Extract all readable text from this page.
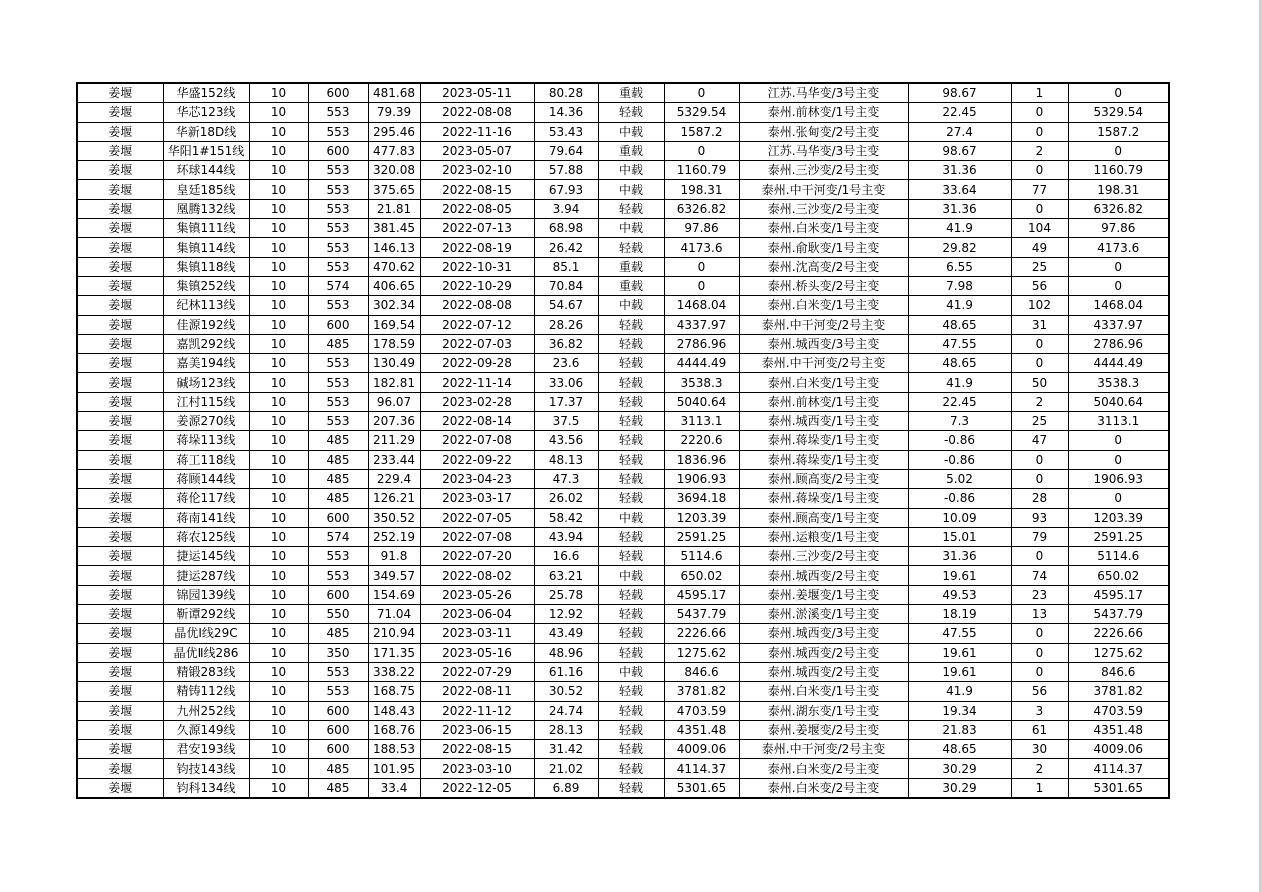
姜堰	华盛152线	10	600	481.68	2023-05-11	80.28	重载	0	江苏.马华变/3号主变	98.67	1	0
姜堰	华芯123线	10	553	79.39	2022-08-08	14.36	轻载	5329.54	泰州.前林变/1号主变	22.45	0	5329.54
姜堰	华新18D线	10	553	295.46	2022-11-16	53.43	中载	1587.2	泰州.张甸变/2号主变	27.4	0	1587.2
姜堰	华阳1#151线	10	600	477.83	2023-05-07	79.64	重载	0	江苏.马华变/3号主变	98.67	2	0
姜堰	环球144线	10	553	320.08	2023-02-10	57.88	中载	1160.79	泰州.三沙变/2号主变	31.36	0	1160.79
姜堰	皇廷185线	10	553	375.65	2022-08-15	67.93	中载	198.31	泰州.中干河变/1号主变	33.64	77	198.31
姜堰	凰腾132线	10	553	21.81	2022-08-05	3.94	轻载	6326.82	泰州.三沙变/2号主变	31.36	0	6326.82
姜堰	集镇111线	10	553	381.45	2022-07-13	68.98	中载	97.86	泰州.白米变/1号主变	41.9	104	97.86
姜堰	集镇114线	10	553	146.13	2022-08-19	26.42	轻载	4173.6	泰州.俞耿变/1号主变	29.82	49	4173.6
姜堰	集镇118线	10	553	470.62	2022-10-31	85.1	重载	0	泰州.沈高变/2号主变	6.55	25	0
姜堰	集镇252线	10	574	406.65	2022-10-29	70.84	重载	0	泰州.桥头变/2号主变	7.98	56	0
姜堰	纪林113线	10	553	302.34	2022-08-08	54.67	中载	1468.04	泰州.白米变/1号主变	41.9	102	1468.04
姜堰	佳源192线	10	600	169.54	2022-07-12	28.26	轻载	4337.97	泰州.中干河变/2号主变	48.65	31	4337.97
姜堰	嘉凯292线	10	485	178.59	2022-07-03	36.82	轻载	2786.96	泰州.城西变/3号主变	47.55	0	2786.96
姜堰	嘉美194线	10	553	130.49	2022-09-28	23.6	轻载	4444.49	泰州.中干河变/2号主变	48.65	0	4444.49
姜堰	碱场123线	10	553	182.81	2022-11-14	33.06	轻载	3538.3	泰州.白米变/1号主变	41.9	50	3538.3
姜堰	江村115线	10	553	96.07	2023-02-28	17.37	轻载	5040.64	泰州.前林变/1号主变	22.45	2	5040.64
姜堰	姜源270线	10	553	207.36	2022-08-14	37.5	轻载	3113.1	泰州.城西变/1号主变	7.3	25	3113.1
姜堰	蒋垛113线	10	485	211.29	2022-07-08	43.56	轻载	2220.6	泰州.蒋垛变/1号主变	-0.86	47	0
姜堰	蒋工118线	10	485	233.44	2022-09-22	48.13	轻载	1836.96	泰州.蒋垛变/1号主变	-0.86	0	0
姜堰	蒋顾144线	10	485	229.4	2023-04-23	47.3	轻载	1906.93	泰州.顾高变/2号主变	5.02	0	1906.93
姜堰	蒋伦117线	10	485	126.21	2023-03-17	26.02	轻载	3694.18	泰州.蒋垛变/1号主变	-0.86	28	0
姜堰	蒋南141线	10	600	350.52	2022-07-05	58.42	中载	1203.39	泰州.顾高变/1号主变	10.09	93	1203.39
姜堰	蒋农125线	10	574	252.19	2022-07-08	43.94	轻载	2591.25	泰州.运粮变/1号主变	15.01	79	2591.25
姜堰	捷运145线	10	553	91.8	2022-07-20	16.6	轻载	5114.6	泰州.三沙变/2号主变	31.36	0	5114.6
姜堰	捷运287线	10	553	349.57	2022-08-02	63.21	中载	650.02	泰州.城西变/2号主变	19.61	74	650.02
姜堰	锦园139线	10	600	154.69	2023-05-26	25.78	轻载	4595.17	泰州.姜堰变/1号主变	49.53	23	4595.17
姜堰	靳谭292线	10	550	71.04	2023-06-04	12.92	轻载	5437.79	泰州.淤溪变/1号主变	18.19	13	5437.79
姜堰	晶优Ⅰ线29C	10	485	210.94	2023-03-11	43.49	轻载	2226.66	泰州.城西变/3号主变	47.55	0	2226.66
姜堰	晶优Ⅱ线286	10	350	171.35	2023-05-16	48.96	轻载	1275.62	泰州.城西变/2号主变	19.61	0	1275.62
姜堰	精锻283线	10	553	338.22	2022-07-29	61.16	中载	846.6	泰州.城西变/2号主变	19.61	0	846.6
姜堰	精铸112线	10	553	168.75	2022-08-11	30.52	轻载	3781.82	泰州.白米变/1号主变	41.9	56	3781.82
姜堰	九州252线	10	600	148.43	2022-11-12	24.74	轻载	4703.59	泰州.湖东变/1号主变	19.34	3	4703.59
姜堰	久源149线	10	600	168.76	2023-06-15	28.13	轻载	4351.48	泰州.姜堰变/2号主变	21.83	61	4351.48
姜堰	君安193线	10	600	188.53	2022-08-15	31.42	轻载	4009.06	泰州.中干河变/2号主变	48.65	30	4009.06
姜堰	钧技143线	10	485	101.95	2023-03-10	21.02	轻载	4114.37	泰州.白米变/2号主变	30.29	2	4114.37
姜堰	钧科134线	10	485	33.4	2022-12-05	6.89	轻载	5301.65	泰州.白米变/2号主变	30.29	1	5301.65
